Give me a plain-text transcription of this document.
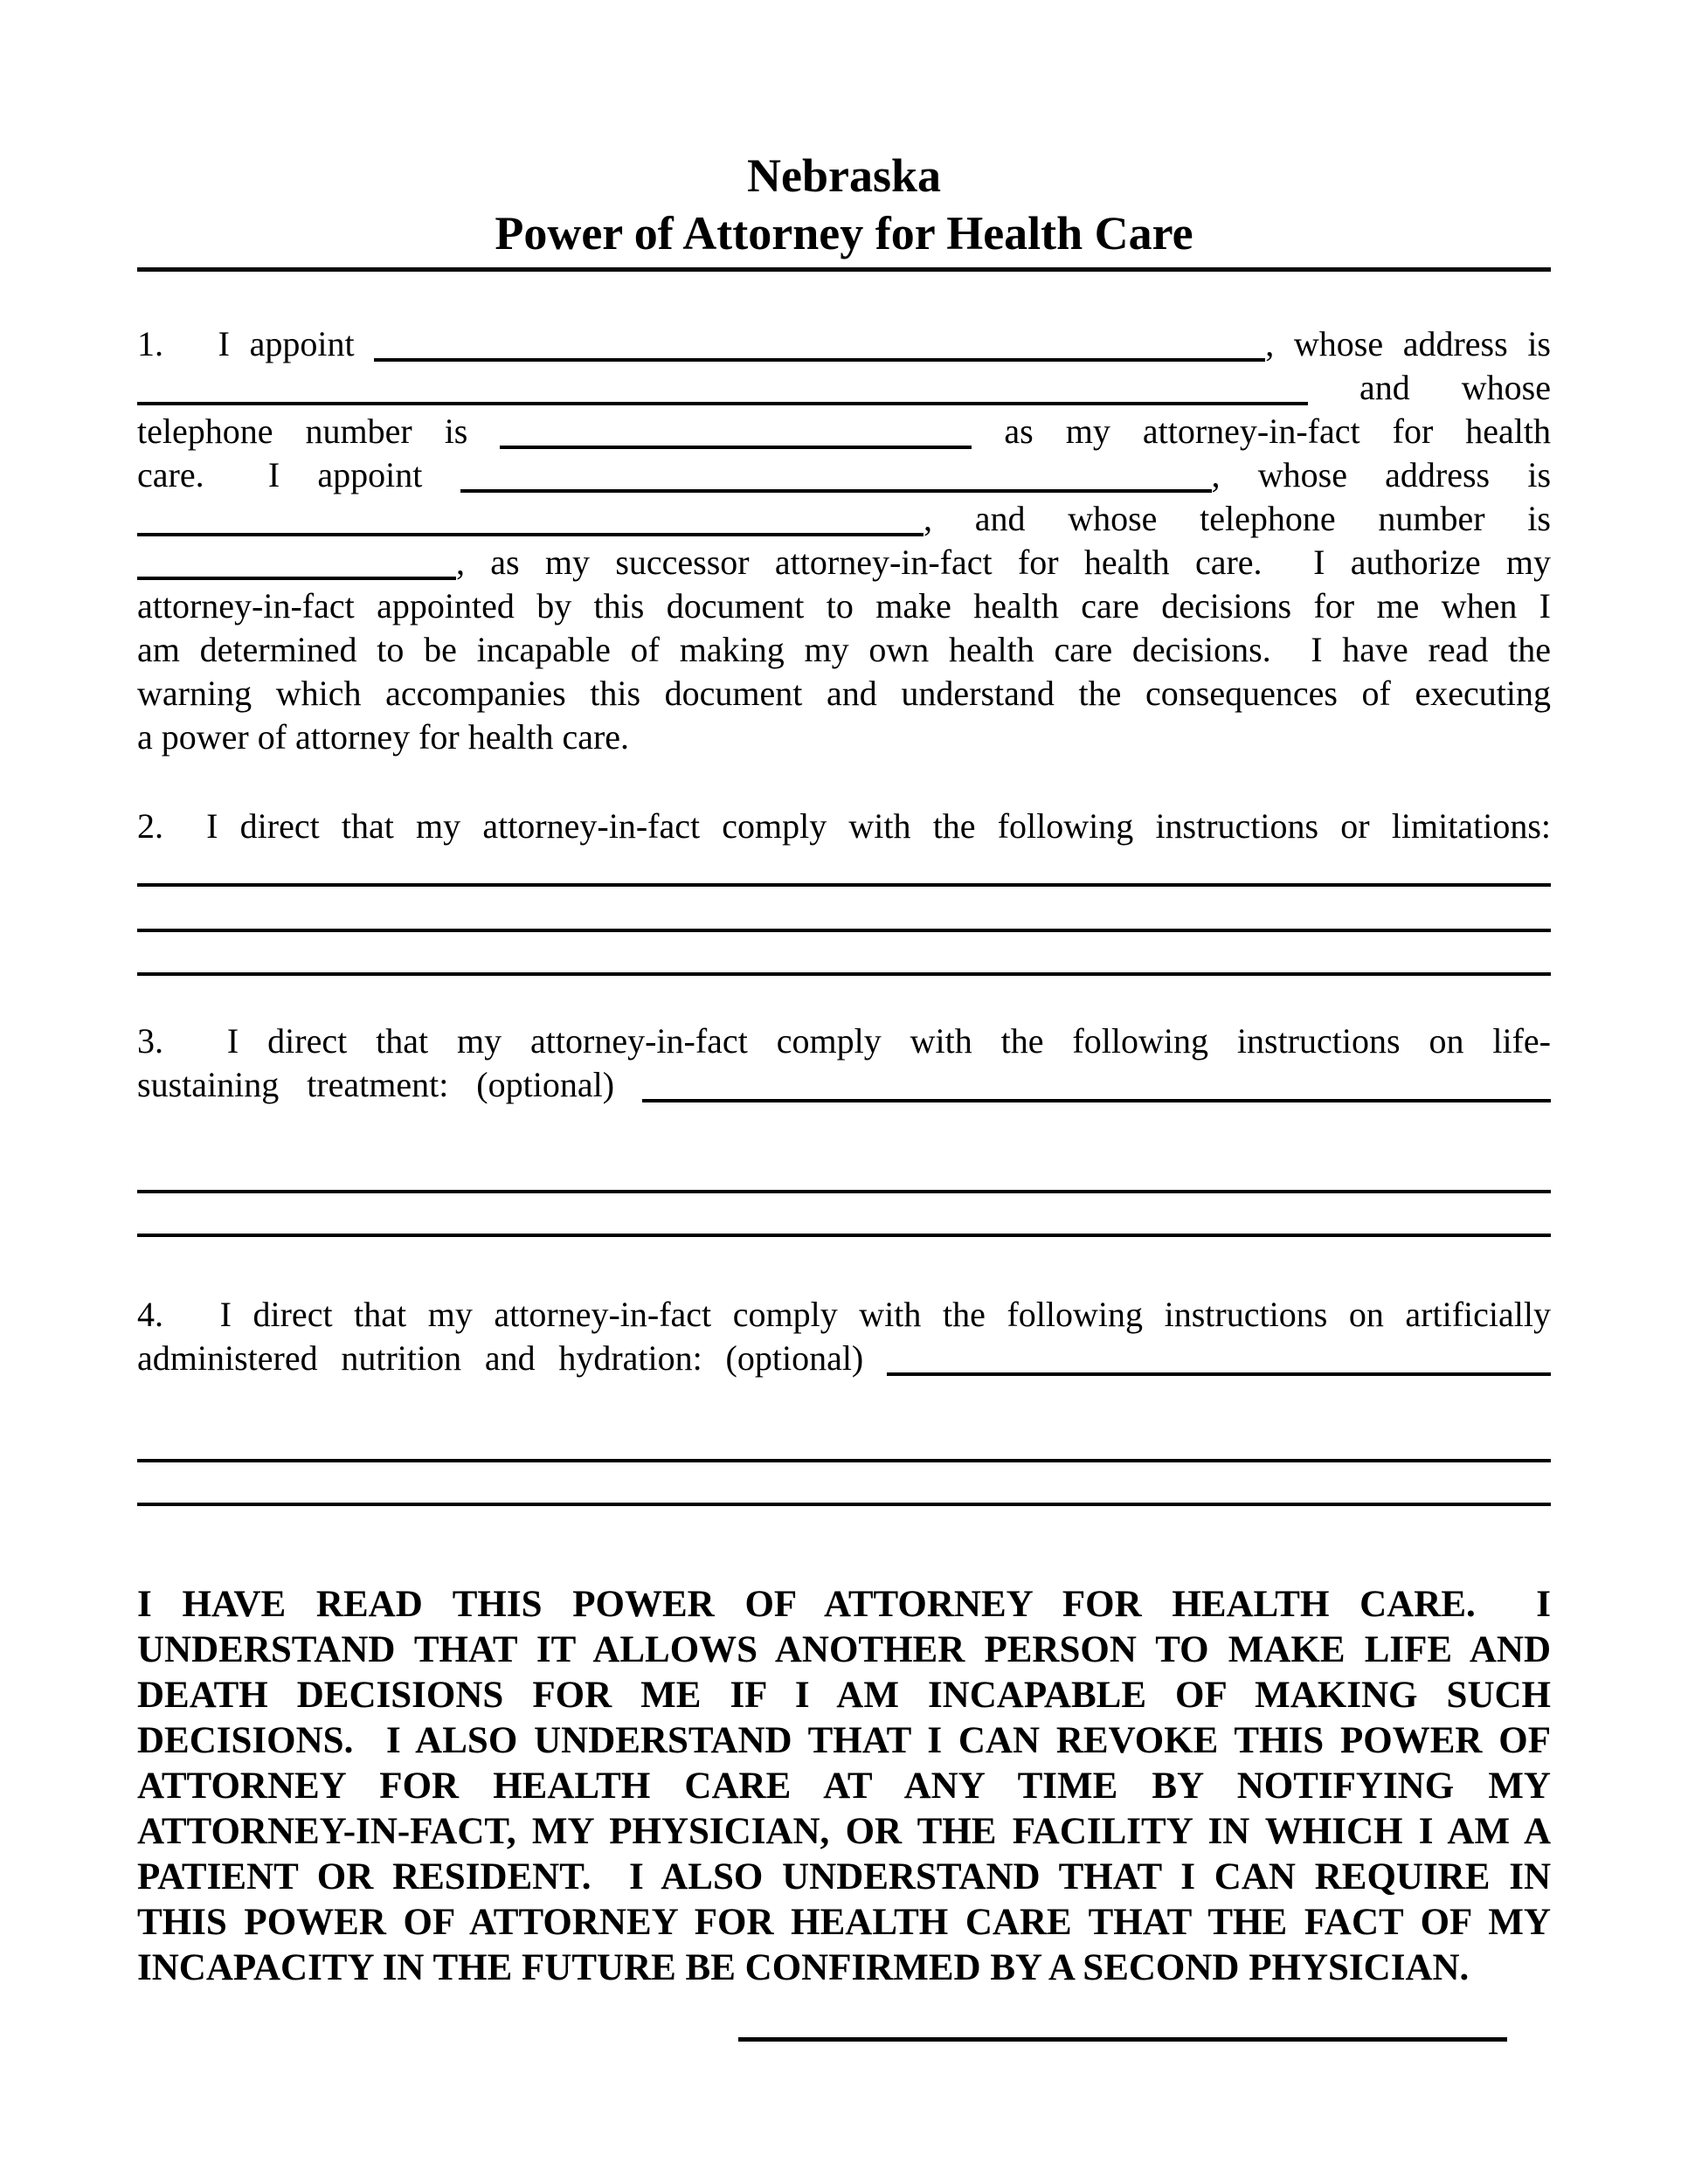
Nebraska
Power of Attorney for Health Care
1. I appoint	, whose address is
and whose
telephone number is	as my attorney-in-fact for health
care. I appoint	, whose address is
, and whose telephone number is
, as my successor attorney-in-fact for health care.  I authorize my
attorney-in-fact appointed by this document to make health care decisions for me when I
am determined to be incapable of making my own health care decisions.  I have read the
warning which accompanies this document and understand the consequences of executing
a power of attorney for health care.
2. I direct that my attorney-in-fact comply with the following instructions or limitations:
3. I direct that my attorney-in-fact comply with the following instructions on life-
sustaining treatment: (optional)
4. I direct that my attorney-in-fact comply with the following instructions on artificially
administered nutrition and hydration: (optional)
I HAVE READ THIS POWER OF ATTORNEY FOR HEALTH CARE.  I
UNDERSTAND THAT IT ALLOWS ANOTHER PERSON TO MAKE LIFE AND
DEATH DECISIONS FOR ME IF I AM INCAPABLE OF MAKING SUCH
DECISIONS.  I ALSO UNDERSTAND THAT I CAN REVOKE THIS POWER OF
ATTORNEY FOR HEALTH CARE AT ANY TIME BY NOTIFYING MY
ATTORNEY-IN-FACT, MY PHYSICIAN, OR THE FACILITY IN WHICH I AM A
PATIENT OR RESIDENT.  I ALSO UNDERSTAND THAT I CAN REQUIRE IN
THIS POWER OF ATTORNEY FOR HEALTH CARE THAT THE FACT OF MY
INCAPACITY IN THE FUTURE BE CONFIRMED BY A SECOND PHYSICIAN.
